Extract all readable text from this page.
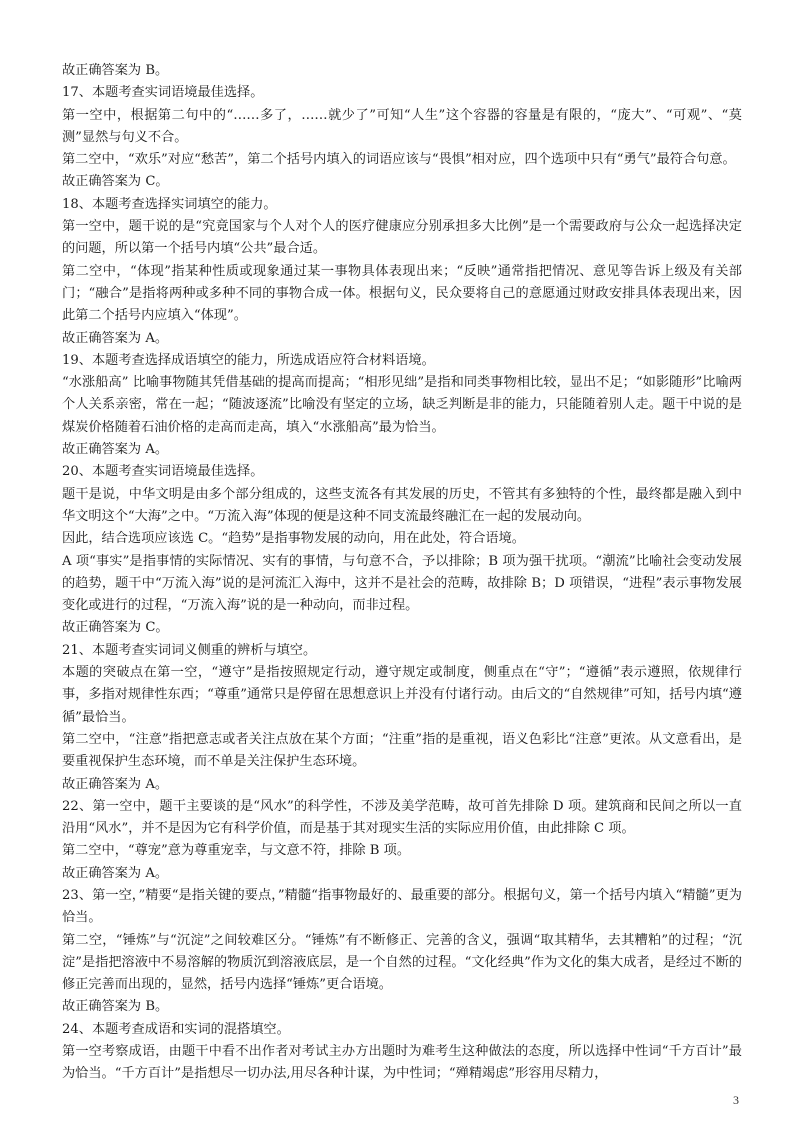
故正确答案为 B。

17、本题考查实词语境最佳选择。

第一空中，根据第二句中的“……多了，……就少了”可知“人生”这个容器的容量是有限的，“庞大”、“可观”、“莫测”显然与句义不合。

第二空中，“欢乐”对应“愁苦”，第二个括号内填入的词语应该与“畏惧”相对应，四个选项中只有“勇气”最符合句意。

故正确答案为 C。

18、本题考查选择实词填空的能力。

第一空中，题干说的是“究竟国家与个人对个人的医疗健康应分别承担多大比例”是一个需要政府与公众一起选择决定的问题，所以第一个括号内填“公共”最合适。

第二空中，“体现”指某种性质或现象通过某一事物具体表现出来；“反映”通常指把情况、意见等告诉上级及有关部门；“融合”是指将两种或多种不同的事物合成一体。根据句义，民众要将自己的意愿通过财政安排具体表现出来，因此第二个括号内应填入“体现”。

故正确答案为 A。

19、本题考查选择成语填空的能力，所选成语应符合材料语境。

“水涨船高” 比喻事物随其凭借基础的提高而提高；“相形见绌”是指和同类事物相比较，显出不足；“如影随形”比喻两个人关系亲密，常在一起；“随波逐流”比喻没有坚定的立场，缺乏判断是非的能力，只能随着别人走。题干中说的是煤炭价格随着石油价格的走高而走高，填入“水涨船高”最为恰当。

故正确答案为 A。

20、本题考查实词语境最佳选择。

题干是说，中华文明是由多个部分组成的，这些支流各有其发展的历史，不管其有多独特的个性，最终都是融入到中华文明这个“大海”之中。“万流入海”体现的便是这种不同支流最终融汇在一起的发展动向。

因此，结合选项应该选 C。“趋势”是指事物发展的动向，用在此处，符合语境。

A 项“事实”是指事情的实际情况、实有的事情，与句意不合，予以排除；B 项为强干扰项。“潮流”比喻社会变动发展的趋势，题干中“万流入海”说的是河流汇入海中，这并不是社会的范畴，故排除 B；D 项错误，“进程”表示事物发展变化或进行的过程，“万流入海”说的是一种动向，而非过程。

故正确答案为 C。

21、本题考查实词词义侧重的辨析与填空。

本题的突破点在第一空，“遵守”是指按照规定行动，遵守规定或制度，侧重点在“守”；“遵循”表示遵照，依规律行事，多指对规律性东西；“尊重”通常只是停留在思想意识上并没有付诸行动。由后文的“自然规律”可知，括号内填“遵循”最恰当。

第二空中，“注意”指把意志或者关注点放在某个方面；“注重”指的是重视，语义色彩比“注意”更浓。从文意看出，是要重视保护生态环境，而不单是关注保护生态环境。

故正确答案为 A。

22、第一空中，题干主要谈的是“风水”的科学性，不涉及美学范畴，故可首先排除 D 项。建筑商和民间之所以一直沿用“风水”，并不是因为它有科学价值，而是基于其对现实生活的实际应用价值，由此排除 C 项。

第二空中，“尊宠”意为尊重宠幸，与文意不符，排除 B 项。

故正确答案为 A。

23、第一空，”精要“是指关键的要点，”精髓“指事物最好的、最重要的部分。根据句义，第一个括号内填入“精髓”更为恰当。

第二空，“锤炼”与“沉淀”之间较难区分。“锤炼”有不断修正、完善的含义，强调“取其精华，去其糟粕”的过程；“沉淀”是指把溶液中不易溶解的物质沉到溶液底层，是一个自然的过程。“文化经典”作为文化的集大成者，是经过不断的修正完善而出现的，显然，括号内选择“锤炼”更合语境。

故正确答案为 B。

24、本题考查成语和实词的混搭填空。

第一空考察成语，由题干中看不出作者对考试主办方出题时为难考生这种做法的态度，所以选择中性词“千方百计”最为恰当。“千方百计”是指想尽一切办法,用尽各种计谋，为中性词；“殚精竭虑”形容用尽精力，

3
